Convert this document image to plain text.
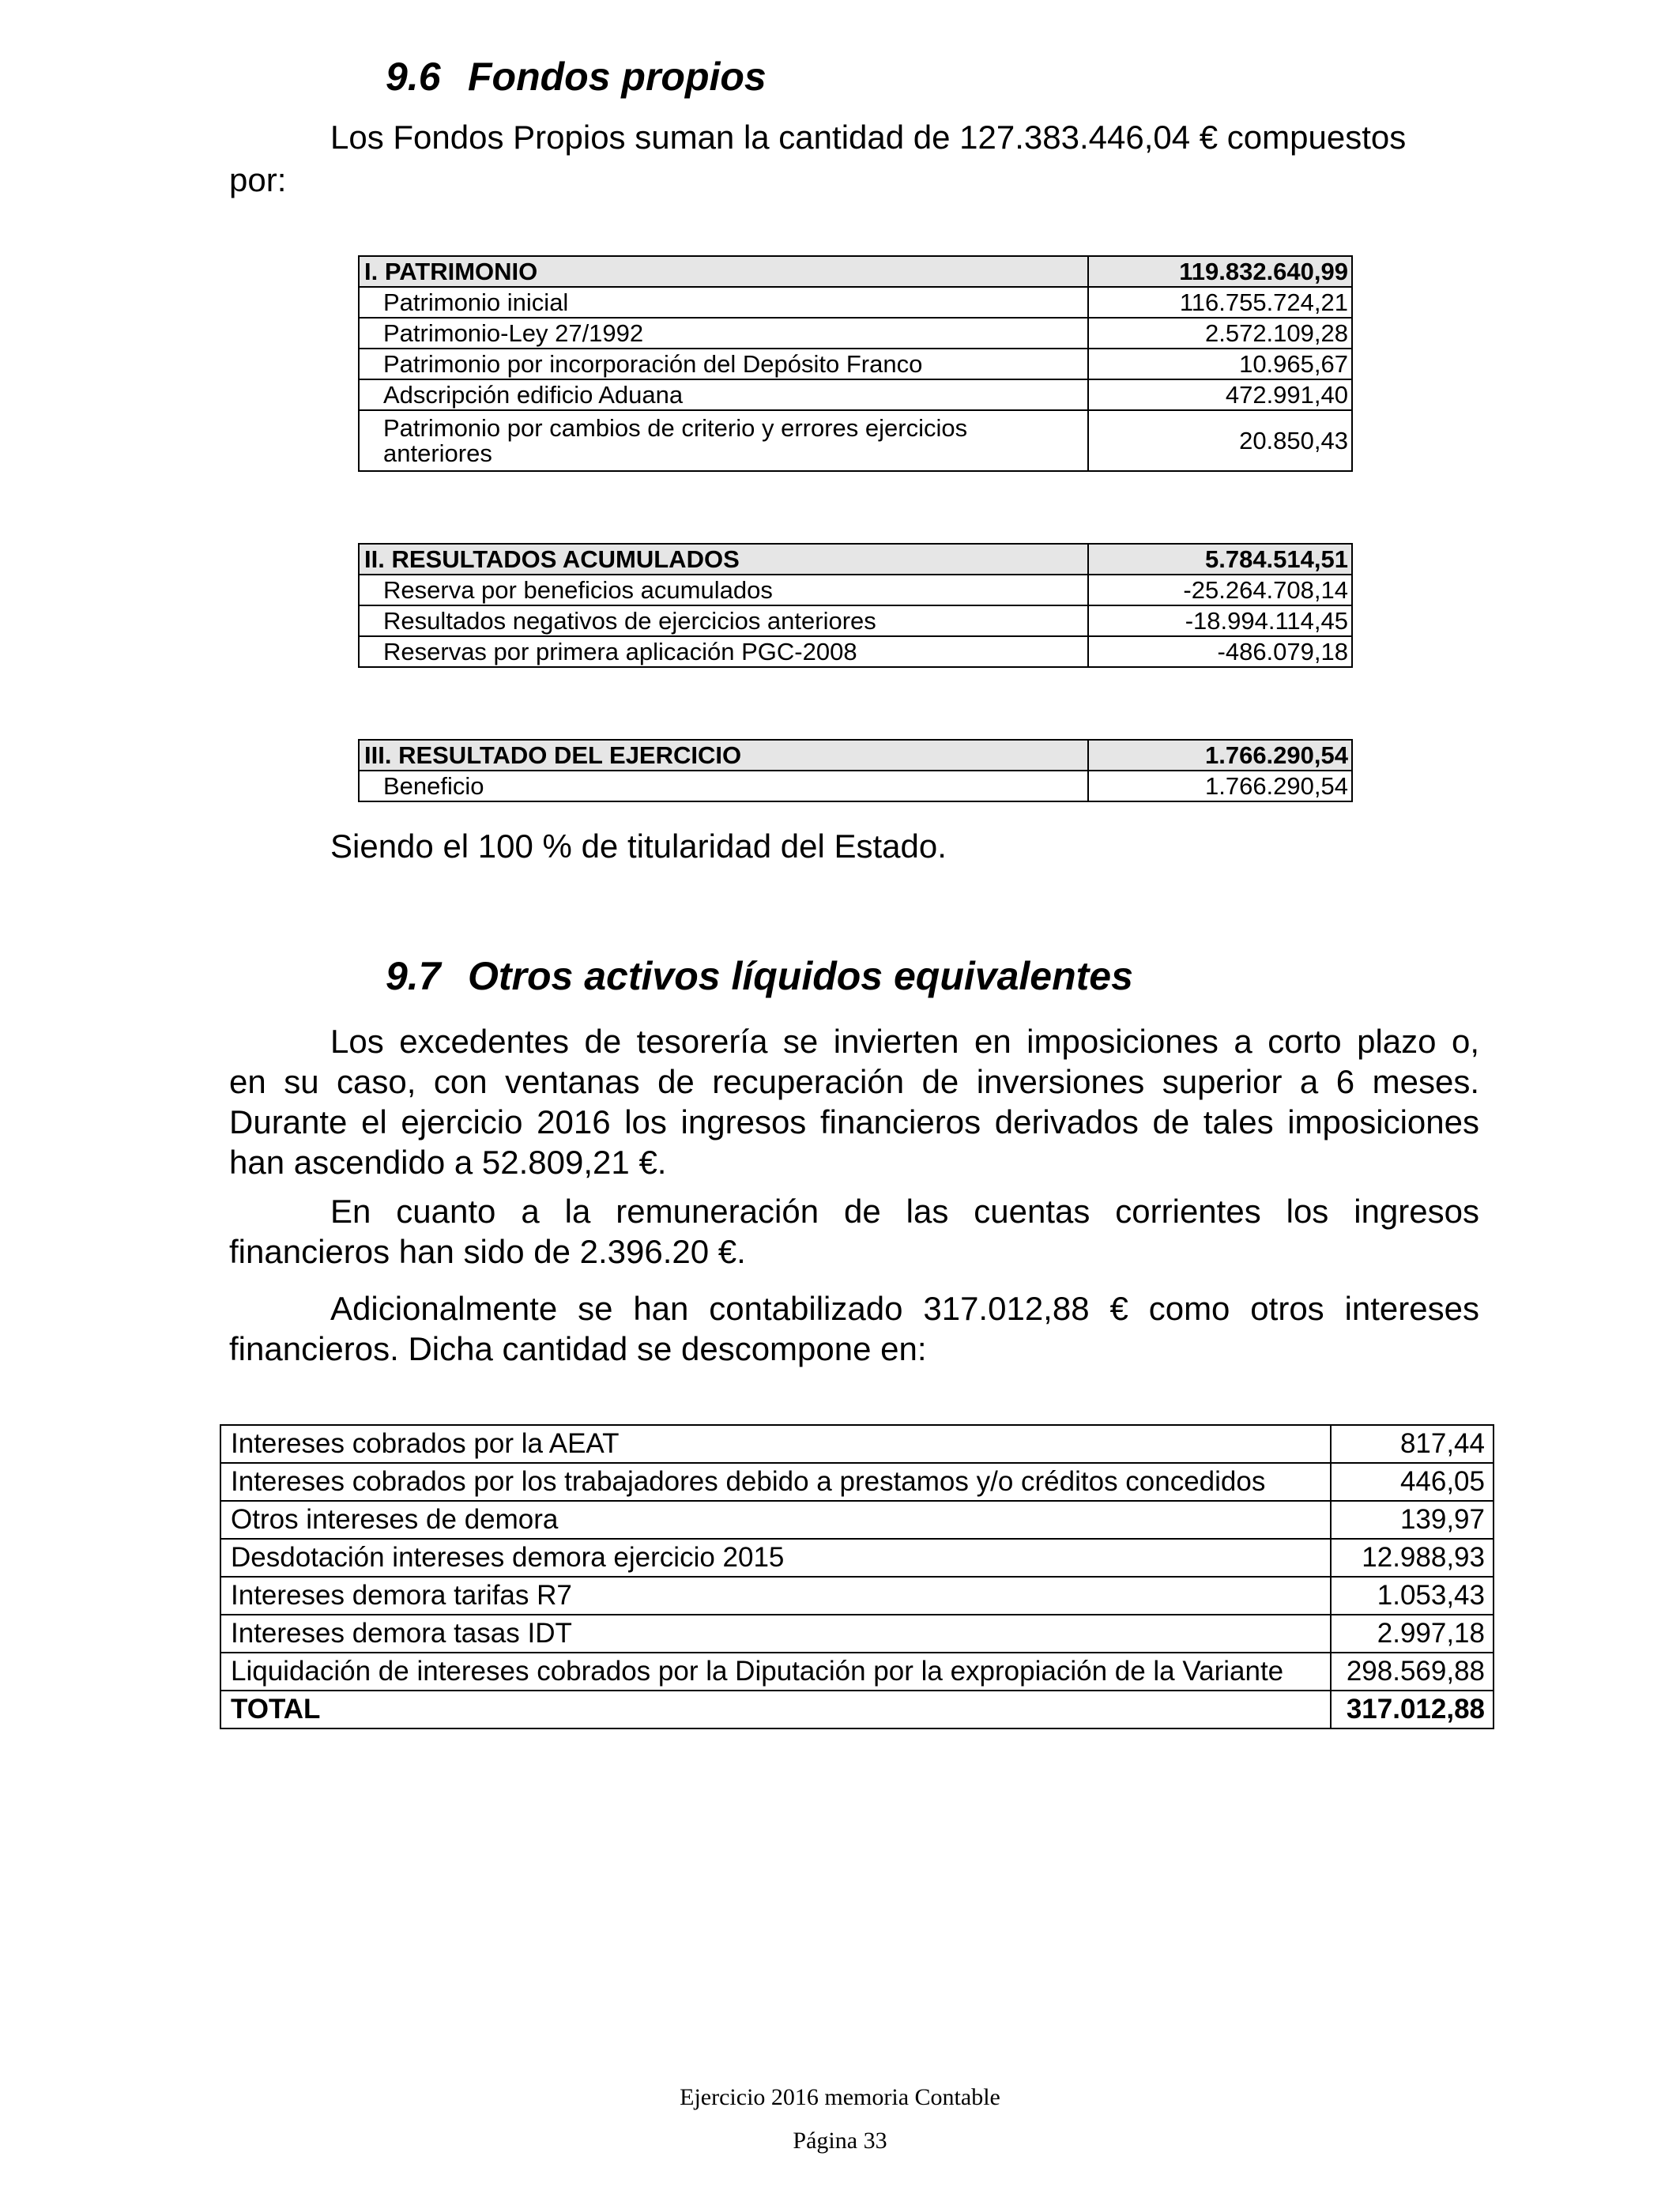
9.6 Fondos propios
Los Fondos Propios suman la cantidad de 127.383.446,04 € compuestos
por:
I. PATRIMONIO	119.832.640,99
Patrimonio inicial	116.755.724,21
Patrimonio-Ley 27/1992	2.572.109,28
Patrimonio por incorporación del Depósito Franco	10.965,67
Adscripción edificio Aduana	472.991,40

Patrimonio por cambios de criterio y errores ejercicios
anteriores	20.850,43
II. RESULTADOS ACUMULADOS	5.784.514,51
Reserva por beneficios acumulados	-25.264.708,14
Resultados negativos de ejercicios anteriores	-18.994.114,45
Reservas por primera aplicación PGC-2008	-486.079,18
III. RESULTADO DEL EJERCICIO	1.766.290,54
Beneficio	1.766.290,54
Siendo el 100 % de titularidad del Estado.
9.7 Otros activos líquidos equivalentes
Los excedentes de tesorería se invierten en imposiciones a corto plazo o,
en su caso, con ventanas de recuperación de inversiones superior a 6 meses.
Durante el ejercicio 2016 los ingresos financieros derivados de tales imposiciones
han ascendido a 52.809,21 €.
En cuanto a la remuneración de las cuentas corrientes los ingresos
financieros han sido de 2.396.20 €.
Adicionalmente se han contabilizado 317.012,88 € como otros intereses
financieros. Dicha cantidad se descompone en:
Intereses cobrados por la AEAT	817,44
Intereses cobrados por los trabajadores debido a prestamos y/o créditos concedidos	446,05
Otros intereses de demora	139,97
Desdotación intereses demora ejercicio 2015	12.988,93
Intereses demora tarifas R7	1.053,43
Intereses demora tasas IDT	2.997,18
Liquidación de intereses cobrados por la Diputación por la expropiación de la Variante	298.569,88
TOTAL	317.012,88
Ejercicio 2016 memoria Contable
Página 33
